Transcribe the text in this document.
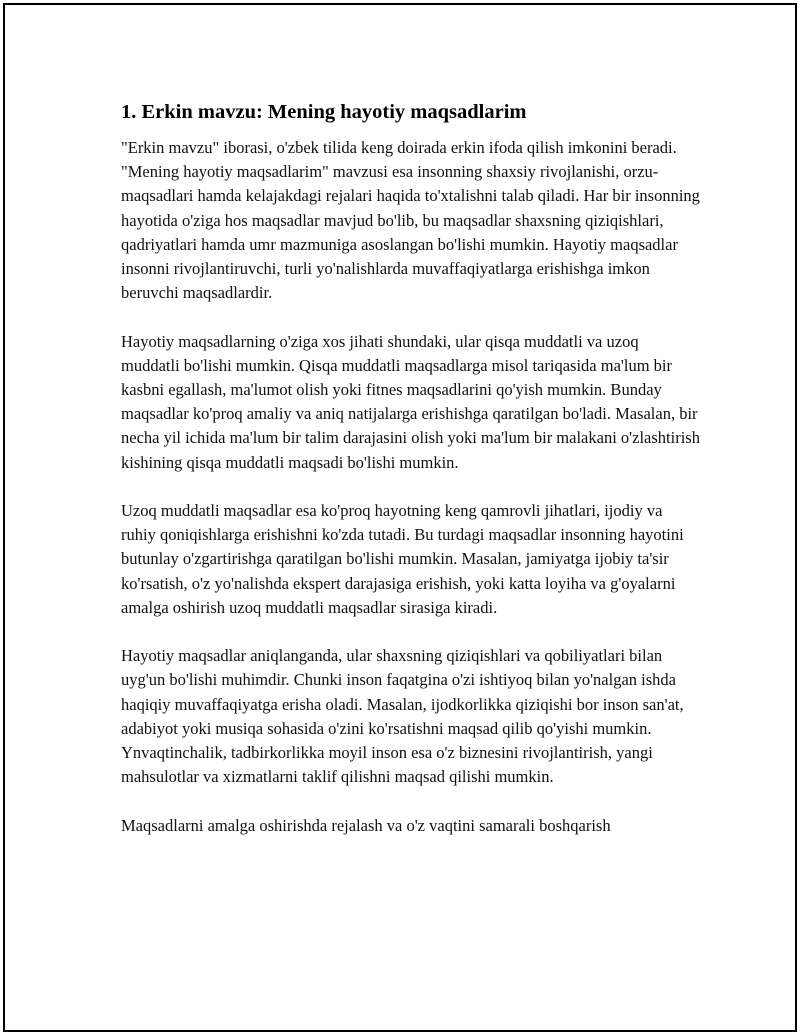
1. Erkin mavzu: Mening hayotiy maqsadlarim

"Erkin mavzu" iborasi, o'zbek tilida keng doirada erkin ifoda qilish imkonini beradi. "Mening hayotiy maqsadlarim" mavzusi esa insonning shaxsiy rivojlanishi, orzu-maqsadlari hamda kelajakdagi rejalari haqida to'xtalishni talab qiladi. Har bir insonning hayotida o'ziga hos maqsadlar mavjud bo'lib, bu maqsadlar shaxsning qiziqishlari, qadriyatlari hamda umr mazmuniga asoslangan bo'lishi mumkin. Hayotiy maqsadlar insonni rivojlantiruvchi, turli yo'nalishlarda muvaffaqiyatlarga erishishga imkon beruvchi maqsadlardir.

Hayotiy maqsadlarning o'ziga xos jihati shundaki, ular qisqa muddatli va uzoq muddatli bo'lishi mumkin. Qisqa muddatli maqsadlarga misol tariqasida ma'lum bir kasbni egallash, ma'lumot olish yoki fitnes maqsadlarini qo'yish mumkin. Bunday maqsadlar ko'proq amaliy va aniq natijalarga erishishga qaratilgan bo'ladi. Masalan, bir necha yil ichida ma'lum bir talim darajasini olish yoki ma'lum bir malakani o'zlashtirish kishining qisqa muddatli maqsadi bo'lishi mumkin.

Uzoq muddatli maqsadlar esa ko'proq hayotning keng qamrovli jihatlari, ijodiy va ruhiy qoniqishlarga erishishni ko'zda tutadi. Bu turdagi maqsadlar insonning hayotini butunlay o'zgartirishga qaratilgan bo'lishi mumkin. Masalan, jamiyatga ijobiy ta'sir ko'rsatish, o'z yo'nalishda ekspert darajasiga erishish, yoki katta loyiha va g'oyalarni amalga oshirish uzoq muddatli maqsadlar sirasiga kiradi.

Hayotiy maqsadlar aniqlanganda, ular shaxsning qiziqishlari va qobiliyatlari bilan uyg'un bo'lishi muhimdir. Chunki inson faqatgina o'zi ishtiyoq bilan yo'nalgan ishda haqiqiy muvaffaqiyatga erisha oladi. Masalan, ijodkorlikka qiziqishi bor inson san'at, adabiyot yoki musiqa sohasida o'zini ko'rsatishni maqsad qilib qo'yishi mumkin. Ynvaqtinchalik, tadbirkorlikka moyil inson esa o'z biznesini rivojlantirish, yangi mahsulotlar va xizmatlarni taklif qilishni maqsad qilishi mumkin.

Maqsadlarni amalga oshirishda rejalash va o'z vaqtini samarali boshqarish
